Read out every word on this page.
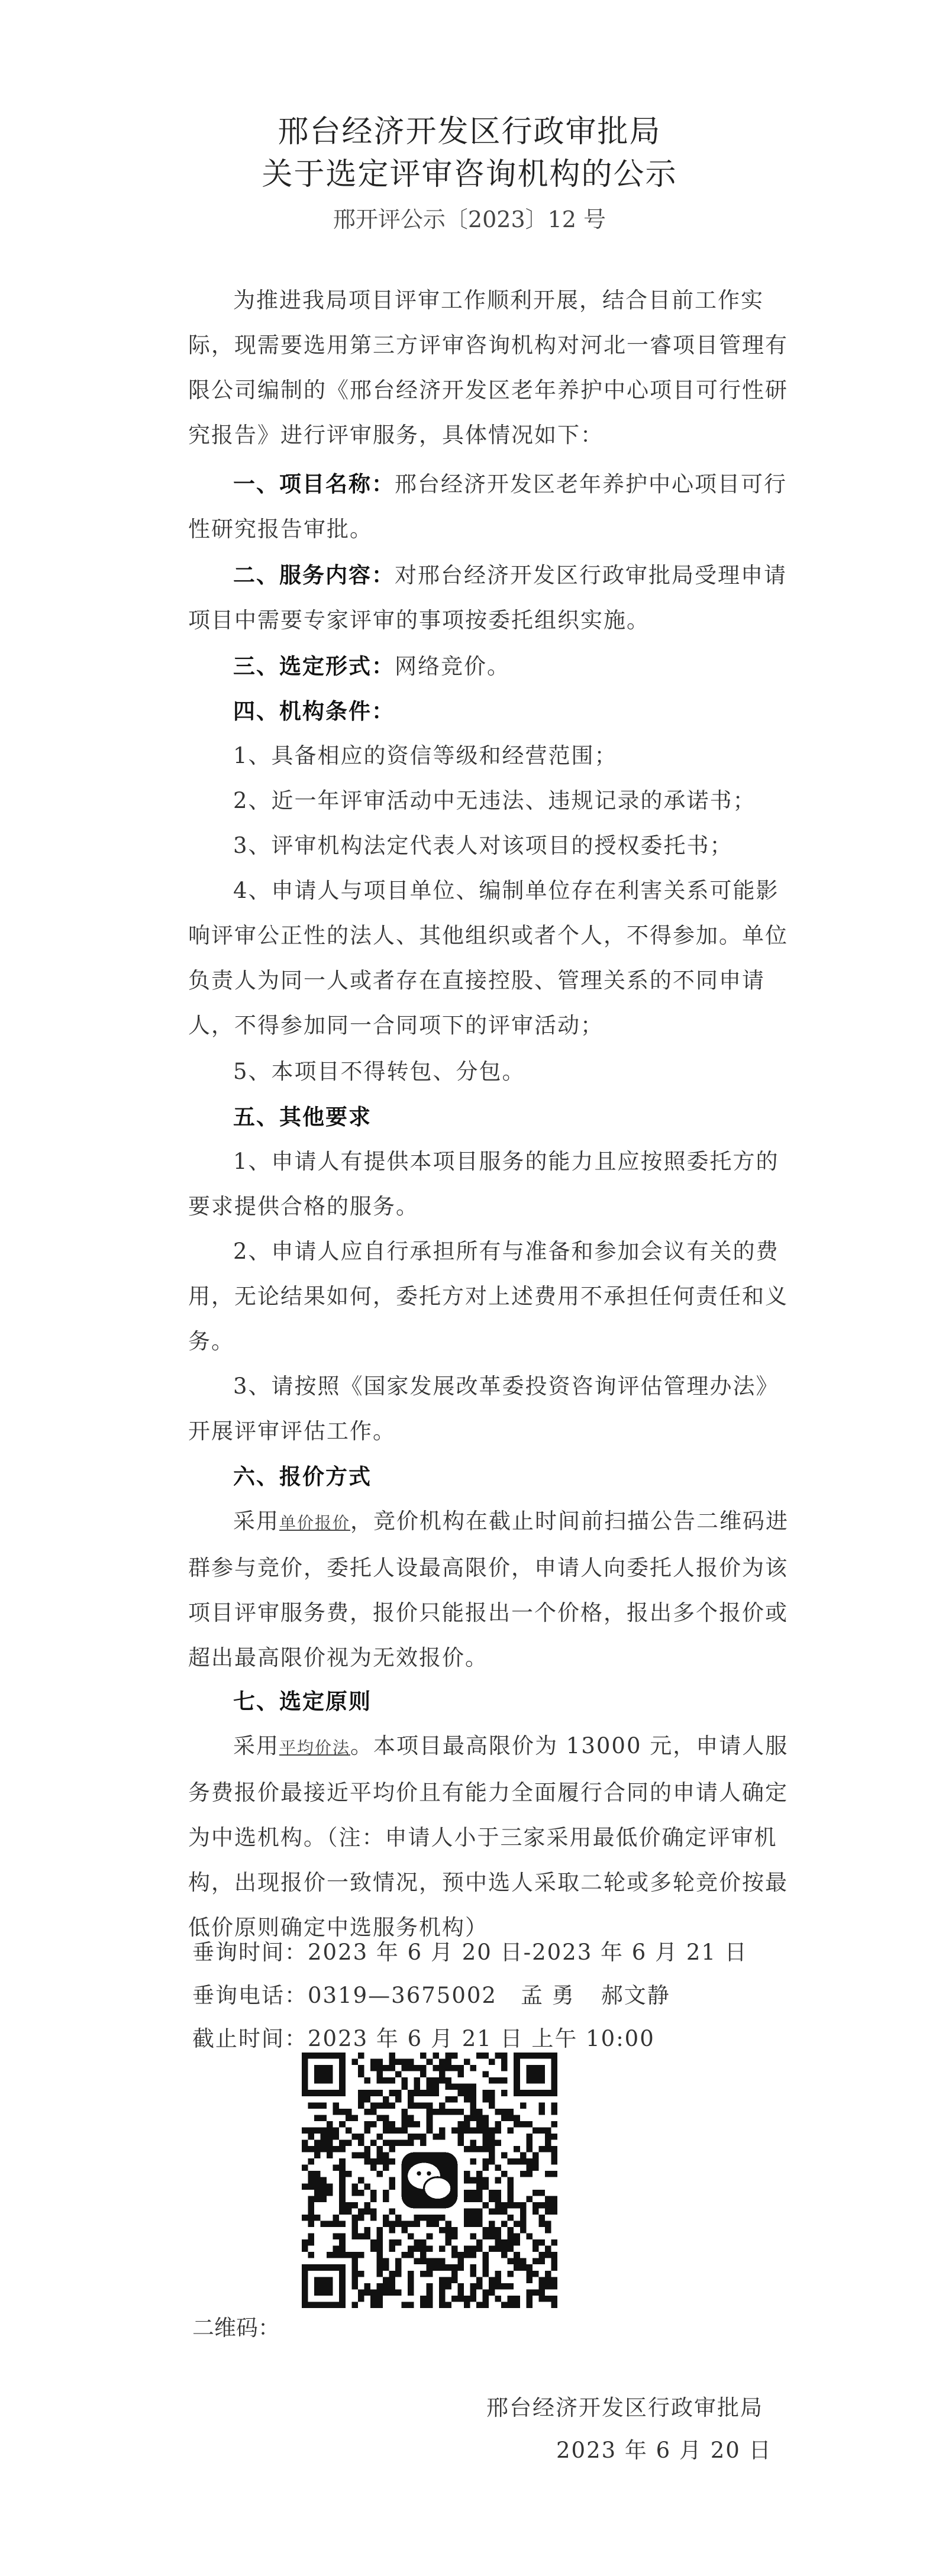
邢台经济开发区行政审批局
关于选定评审咨询机构的公示
邢开评公示〔2023〕12 号
为推进我局项目评审工作顺利开展，结合目前工作实际，现需要选用第三方评审咨询机构对河北一睿项目管理有限公司编制的《邢台经济开发区老年养护中心项目可行性研究报告》进行评审服务，具体情况如下：
一、项目名称：邢台经济开发区老年养护中心项目可行性研究报告审批。
二、服务内容：对邢台经济开发区行政审批局受理申请项目中需要专家评审的事项按委托组织实施。
三、选定形式：网络竞价。
四、机构条件：
1、具备相应的资信等级和经营范围；
2、近一年评审活动中无违法、违规记录的承诺书；
3、评审机构法定代表人对该项目的授权委托书；
4、申请人与项目单位、编制单位存在利害关系可能影响评审公正性的法人、其他组织或者个人，不得参加。单位负责人为同一人或者存在直接控股、管理关系的不同申请人，不得参加同一合同项下的评审活动；
5、本项目不得转包、分包。
五、其他要求
1、申请人有提供本项目服务的能力且应按照委托方的要求提供合格的服务。
2、申请人应自行承担所有与准备和参加会议有关的费用，无论结果如何，委托方对上述费用不承担任何责任和义务。
3、请按照《国家发展改革委投资咨询评估管理办法》开展评审评估工作。
六、报价方式
采用单价报价，竞价机构在截止时间前扫描公告二维码进群参与竞价，委托人设最高限价，申请人向委托人报价为该项目评审服务费，报价只能报出一个价格，报出多个报价或超出最高限价视为无效报价。
七、选定原则
采用平均价法。本项目最高限价为 13000 元，申请人服务费报价最接近平均价且有能力全面履行合同的申请人确定为中选机构。（注：申请人小于三家采用最低价确定评审机构，出现报价一致情况，预中选人采取二轮或多轮竞价按最低价原则确定中选服务机构）
垂询时间：2023 年 6 月 20 日-2023 年 6 月 21 日
垂询电话：0319—3675002 孟 勇 郝文静
截止时间：2023 年 6 月 21 日 上午 10:00
二维码：
邢台经济开发区行政审批局
2023 年 6 月 20 日
